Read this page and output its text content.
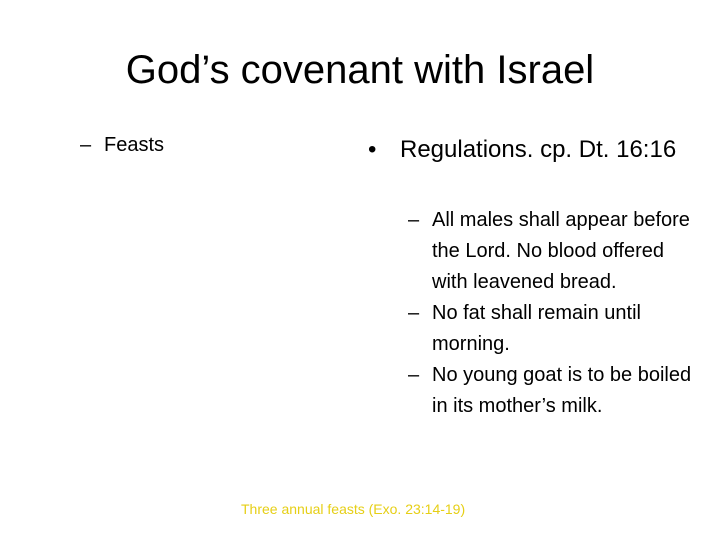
God’s covenant with Israel
– Feasts	• Regulations. cp. Dt. 16:16
– All males shall appear before the Lord. No blood offered with leavened bread.
– No fat shall remain until morning.
– No young goat is to be boiled in its mother’s milk.
Three annual feasts (Exo. 23:14-19)
